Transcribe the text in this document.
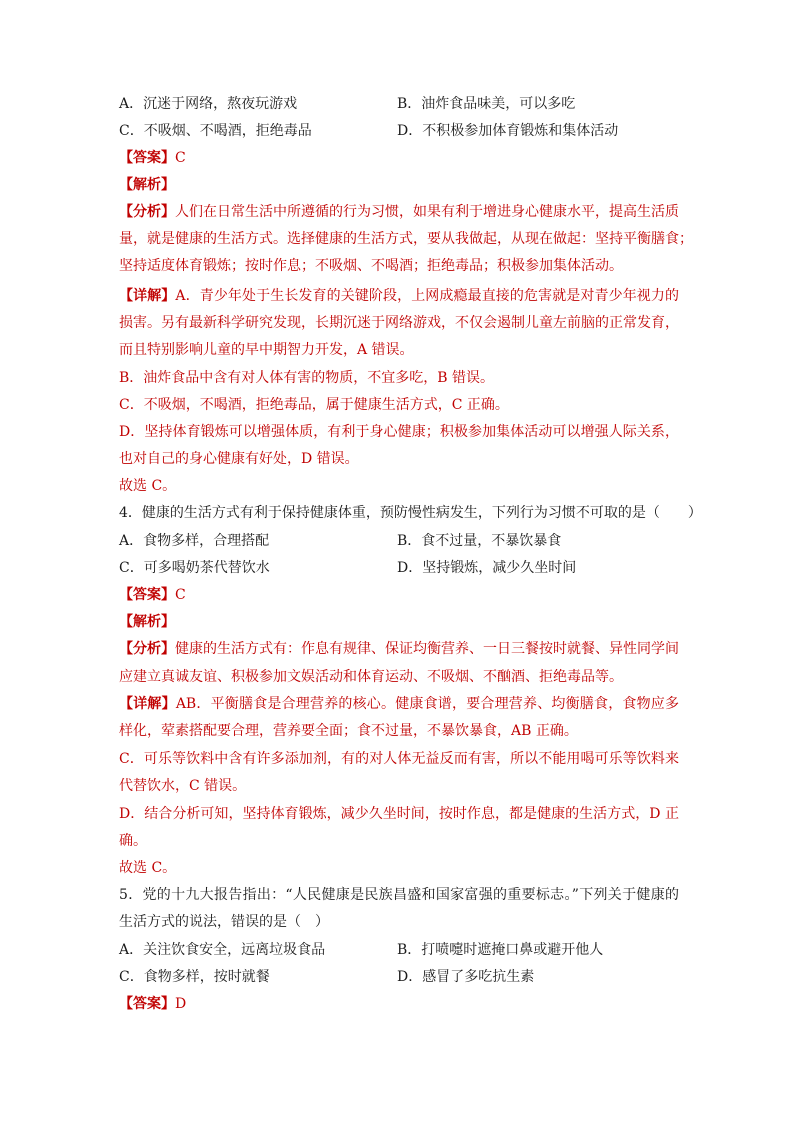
A．沉迷于网络，熬夜玩游戏	B．油炸食品味美，可以多吃
C．不吸烟、不喝酒，拒绝毒品	D．不积极参加体育锻炼和集体活动
【答案】C
【解析】
【分析】人们在日常生活中所遵循的行为习惯，如果有利于增进身心健康水平，提高生活质
量，就是健康的生活方式。选择健康的生活方式，要从我做起，从现在做起：坚持平衡膳食；
坚持适度体育锻炼；按时作息；不吸烟、不喝酒；拒绝毒品；积极参加集体活动。
【详解】A．青少年处于生长发育的关键阶段，上网成瘾最直接的危害就是对青少年视力的
损害。另有最新科学研究发现，长期沉迷于网络游戏，不仅会遏制儿童左前脑的正常发育，
而且特别影响儿童的早中期智力开发，A 错误。
B．油炸食品中含有对人体有害的物质，不宜多吃，B 错误。
C．不吸烟，不喝酒，拒绝毒品，属于健康生活方式，C 正确。
D．坚持体育锻炼可以增强体质，有利于身心健康；积极参加集体活动可以增强人际关系，
也对自己的身心健康有好处，D 错误。
故选 C。
4．健康的生活方式有利于保持健康体重，预防慢性病发生，下列行为习惯不可取的是（　　）
A．食物多样，合理搭配	B．食不过量，不暴饮暴食
C．可多喝奶茶代替饮水	D．坚持锻炼，减少久坐时间
【答案】C
【解析】
【分析】健康的生活方式有：作息有规律、保证均衡营养、一日三餐按时就餐、异性同学间
应建立真诚友谊、积极参加文娱活动和体育运动、不吸烟、不酗酒、拒绝毒品等。
【详解】AB．平衡膳食是合理营养的核心。健康食谱，要合理营养、均衡膳食，食物应多
样化，荤素搭配要合理，营养要全面；食不过量，不暴饮暴食，AB 正确。
C．可乐等饮料中含有许多添加剂，有的对人体无益反而有害，所以不能用喝可乐等饮料来
代替饮水，C 错误。
D．结合分析可知，坚持体育锻炼，减少久坐时间，按时作息，都是健康的生活方式，D 正
确。
故选 C。
5．党的十九大报告指出：“人民健康是民族昌盛和国家富强的重要标志。”下列关于健康的
生活方式的说法，错误的是（　）
A．关注饮食安全，远离垃圾食品	B．打喷嚏时遮掩口鼻或避开他人
C．食物多样，按时就餐	D．感冒了多吃抗生素
【答案】D
